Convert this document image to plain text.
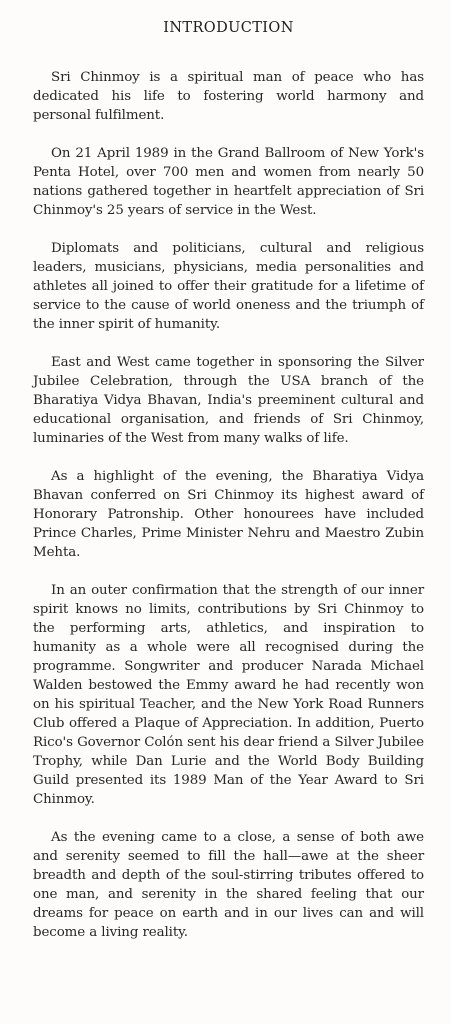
INTRODUCTION

Sri Chinmoy is a spiritual man of peace who has dedicated his life to fostering world harmony and personal fulfilment.

On 21 April 1989 in the Grand Ballroom of New York's Penta Hotel, over 700 men and women from nearly 50 nations gathered together in heartfelt appreciation of Sri Chinmoy's 25 years of service in the West.

Diplomats and politicians, cultural and religious leaders, musicians, physicians, media personalities and athletes all joined to offer their gratitude for a lifetime of service to the cause of world oneness and the triumph of the inner spirit of humanity.

East and West came together in sponsoring the Silver Jubilee Celebration, through the USA branch of the Bharatiya Vidya Bhavan, India's preeminent cultural and educational organisation, and friends of Sri Chinmoy, luminaries of the West from many walks of life.

As a highlight of the evening, the Bharatiya Vidya Bhavan conferred on Sri Chinmoy its highest award of Honorary Patronship. Other honourees have included Prince Charles, Prime Minister Nehru and Maestro Zubin Mehta.

In an outer confirmation that the strength of our inner spirit knows no limits, contributions by Sri Chinmoy to the performing arts, athletics, and inspiration to humanity as a whole were all recognised during the programme. Songwriter and producer Narada Michael Walden bestowed the Emmy award he had recently won on his spiritual Teacher, and the New York Road Runners Club offered a Plaque of Appreciation. In addition, Puerto Rico's Governor Colón sent his dear friend a Silver Jubilee Trophy, while Dan Lurie and the World Body Building Guild presented its 1989 Man of the Year Award to Sri Chinmoy.

As the evening came to a close, a sense of both awe and serenity seemed to fill the hall—awe at the sheer breadth and depth of the soul-stirring tributes offered to one man, and serenity in the shared feeling that our dreams for peace on earth and in our lives can and will become a living reality.
